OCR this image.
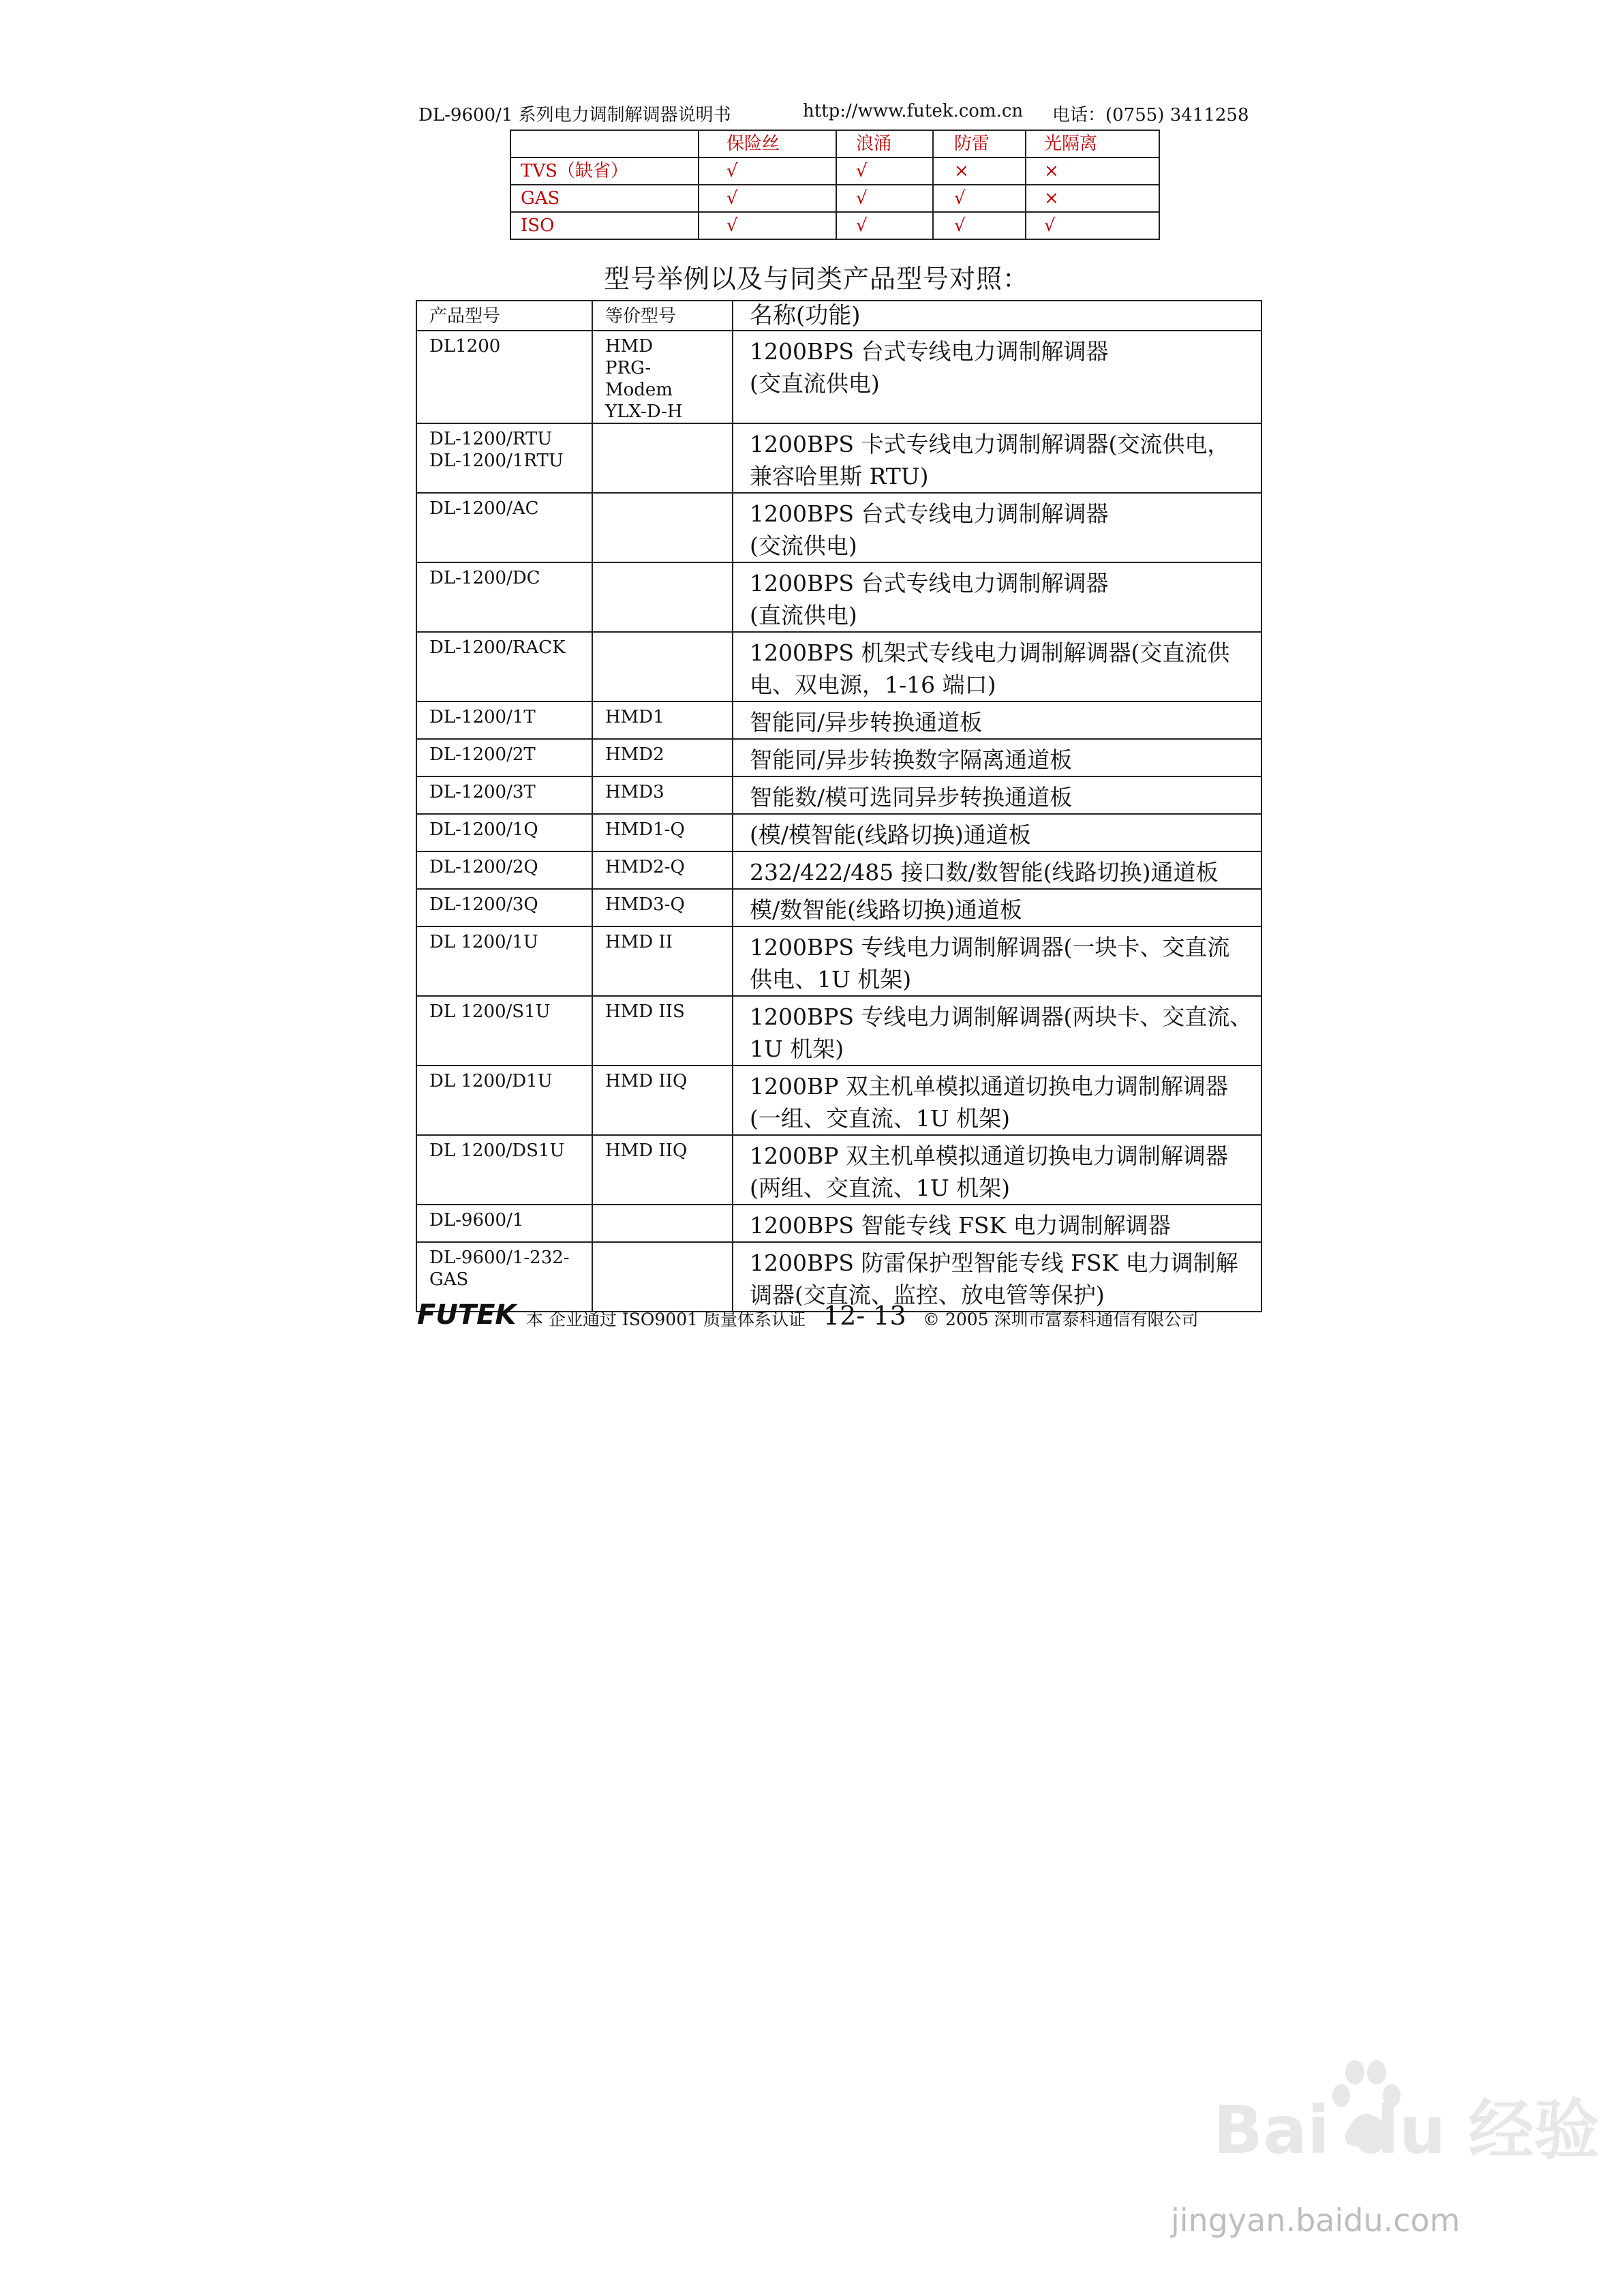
DL-9600/1 系列电力调制解调器说明书	http://www.futek.com.cn 电话：(0755) 3411258
	保险丝	浪涌	防雷	光隔离
TVS（缺省）	√	√	×	×
GAS	√	√	√	×
ISO	√	√	√	√
型号举例以及与同类产品型号对照：
产品型号	等价型号	名称(功能)

DL1200	HMD
PRG-
Modem
YLX-D-H	1200BPS 台式专线电力调制解调器
(交直流供电)

DL-1200/RTU
DL-1200/1RTU		1200BPS 卡式专线电力调制解调器(交流供电，
兼容哈里斯 RTU)

DL-1200/AC		1200BPS 台式专线电力调制解调器
(交流供电)

DL-1200/DC		1200BPS 台式专线电力调制解调器
(直流供电)

DL-1200/RACK		1200BPS 机架式专线电力调制解调器(交直流供
电、双电源，1-16 端口)

DL-1200/1T	HMD1	智能同/异步转换通道板

DL-1200/2T	HMD2	智能同/异步转换数字隔离通道板

DL-1200/3T	HMD3	智能数/模可选同异步转换通道板

DL-1200/1Q	HMD1-Q	(模/模智能(线路切换)通道板

DL-1200/2Q	HMD2-Q	232/422/485 接口数/数智能(线路切换)通道板

DL-1200/3Q	HMD3-Q	模/数智能(线路切换)通道板

DL 1200/1U	HMD II	1200BPS 专线电力调制解调器(一块卡、交直流
供电、1U 机架)

DL 1200/S1U	HMD IIS	1200BPS 专线电力调制解调器(两块卡、交直流、
1U 机架)

DL 1200/D1U	HMD IIQ	1200BP 双主机单模拟通道切换电力调制解调器
(一组、交直流、1U 机架)

DL 1200/DS1U	HMD IIQ	1200BP 双主机单模拟通道切换电力调制解调器
(两组、交直流、1U 机架)

DL-9600/1		1200BPS 智能专线 FSK 电力调制解调器

DL-9600/1-232-
GAS		1200BPS 防雷保护型智能专线 FSK 电力调制解
调器(交直流、监控、放电管等保护)
FUTEK 本 企业通过 ISO9001 质量体系认证 12- 13 © 2005 深圳市富泰科通信有限公司
Bai du 经验
jingyan.baidu.com
